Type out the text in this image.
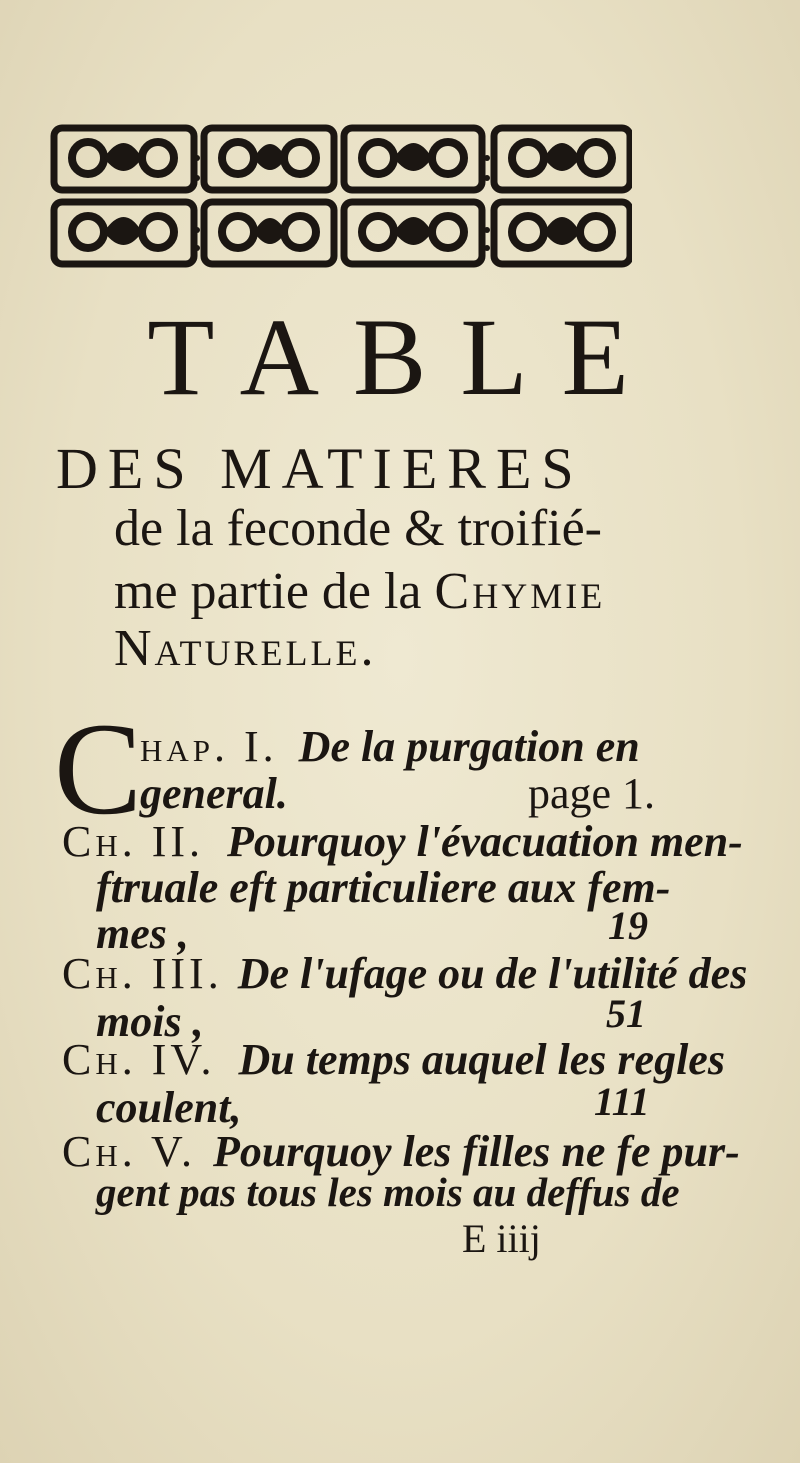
TABLE
DES MATIERES
de la feconde & troifié-
me partie de la Chymie
Naturelle.
C
hap. I. De la purgation en
general.	page 1.
Ch. II. Pourquoy l'évacuation men-
ftruale eft particuliere aux fem-
mes ,	19
Ch. III. De l'ufage ou de l'utilité des
mois ,	51
Ch. IV. Du temps auquel les regles
coulent,	111
Ch. V. Pourquoy les filles ne fe pur-
gent pas tous les mois au deffus de
E iiij
